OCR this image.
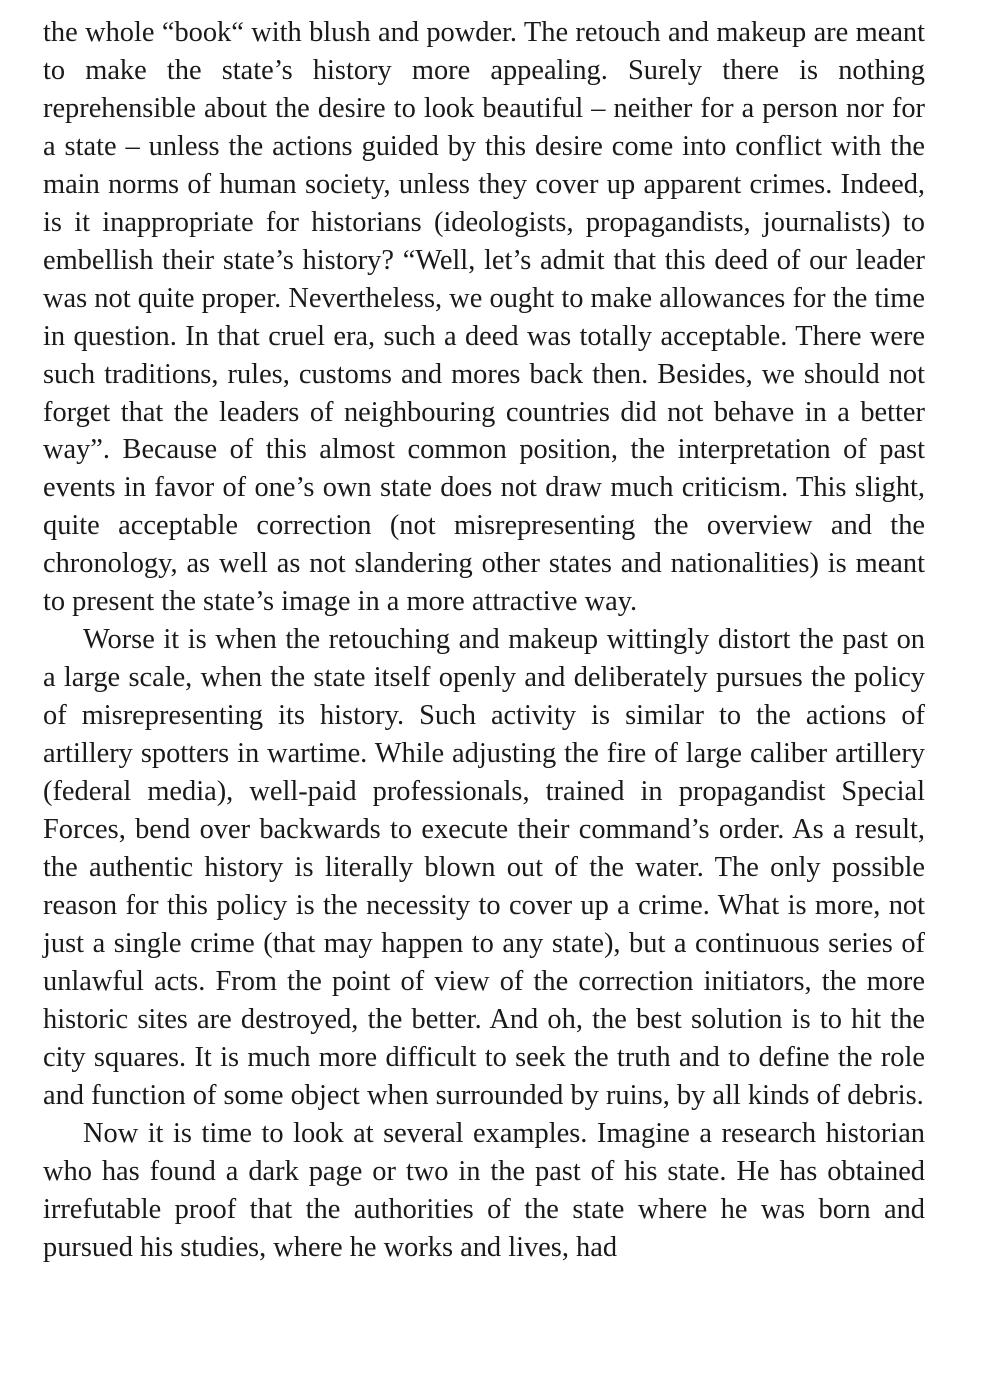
the whole “book“ with blush and powder. The retouch and makeup are meant to make the state’s history more appealing. Surely there is nothing reprehensible about the desire to look beautiful – neither for a person nor for a state – unless the actions guided by this desire come into conflict with the main norms of human society, unless they cover up apparent crimes. Indeed, is it inappropriate for historians (ideologists, propagandists, journalists) to embellish their state’s history? “Well, let’s admit that this deed of our leader was not quite proper. Nevertheless, we ought to make allowances for the time in question. In that cruel era, such a deed was totally acceptable. There were such traditions, rules, customs and mores back then. Besides, we should not forget that the leaders of neighbouring countries did not behave in a better way”. Because of this almost common position, the interpretation of past events in favor of one’s own state does not draw much criticism. This slight, quite acceptable correction (not misrepresenting the overview and the chronology, as well as not slandering other states and nationalities) is meant to present the state’s image in a more attractive way.

Worse it is when the retouching and makeup wittingly distort the past on a large scale, when the state itself openly and deliberately pursues the policy of misrepresenting its history. Such activity is similar to the actions of artillery spotters in wartime. While adjusting the fire of large caliber artillery (federal media), well-paid professionals, trained in propagandist Special Forces, bend over backwards to execute their command’s order. As a result, the authentic history is literally blown out of the water. The only possible reason for this policy is the necessity to cover up a crime. What is more, not just a single crime (that may happen to any state), but a continuous series of unlawful acts. From the point of view of the correction initiators, the more historic sites are destroyed, the better. And oh, the best solution is to hit the city squares. It is much more difficult to seek the truth and to define the role and function of some object when surrounded by ruins, by all kinds of debris.

Now it is time to look at several examples. Imagine a research historian who has found a dark page or two in the past of his state. He has obtained irrefutable proof that the authorities of the state where he was born and pursued his studies, where he works and lives, had
